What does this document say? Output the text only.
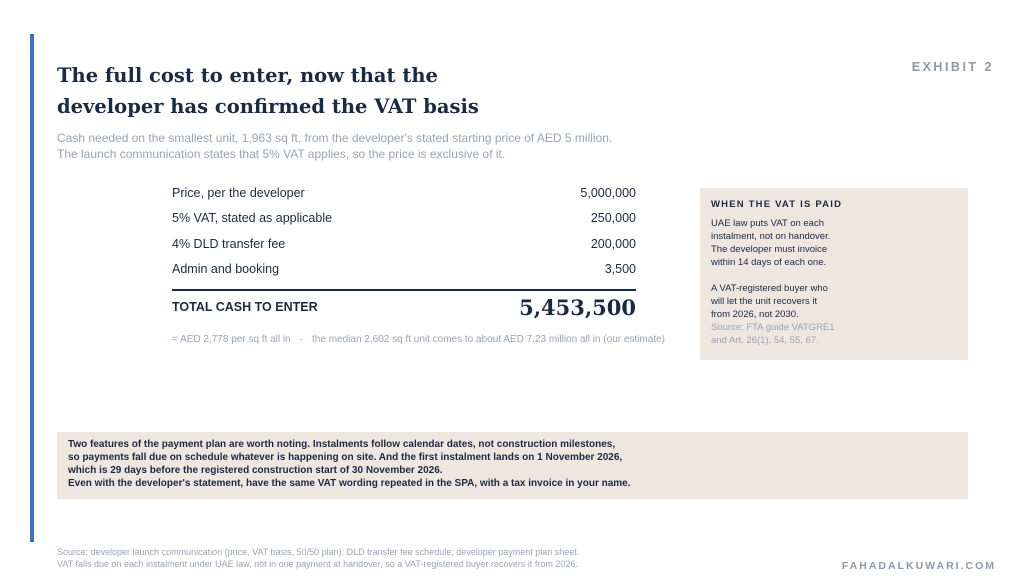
EXHIBIT 2
The full cost to enter, now that the developer has confirmed the VAT basis
Cash needed on the smallest unit, 1,963 sq ft, from the developer's stated starting price of AED 5 million.
The launch communication states that 5% VAT applies, so the price is exclusive of it.
Price, per the developer	5,000,000
5% VAT, stated as applicable	250,000
4% DLD transfer fee	200,000
Admin and booking	3,500
TOTAL CASH TO ENTER	5,453,500
= AED 2,778 per sq ft all in · the median 2,602 sq ft unit comes to about AED 7.23 million all in (our estimate)
WHEN THE VAT IS PAID
UAE law puts VAT on each
instalment, not on handover.
The developer must invoice
within 14 days of each one.
A VAT-registered buyer who
will let the unit recovers it
from 2026, not 2030.
Source: FTA guide VATGRE1
and Art. 26(1), 54, 55, 67.
Two features of the payment plan are worth noting. Instalments follow calendar dates, not construction milestones,
so payments fall due on schedule whatever is happening on site. And the first instalment lands on 1 November 2026,
which is 29 days before the registered construction start of 30 November 2026.
Even with the developer's statement, have the same VAT wording repeated in the SPA, with a tax invoice in your name.
Source: developer launch communication (price, VAT basis, 50/50 plan); DLD transfer fee schedule; developer payment plan sheet.
VAT falls due on each instalment under UAE law, not in one payment at handover, so a VAT-registered buyer recovers it from 2026.	FAHADALKUWARI.COM
